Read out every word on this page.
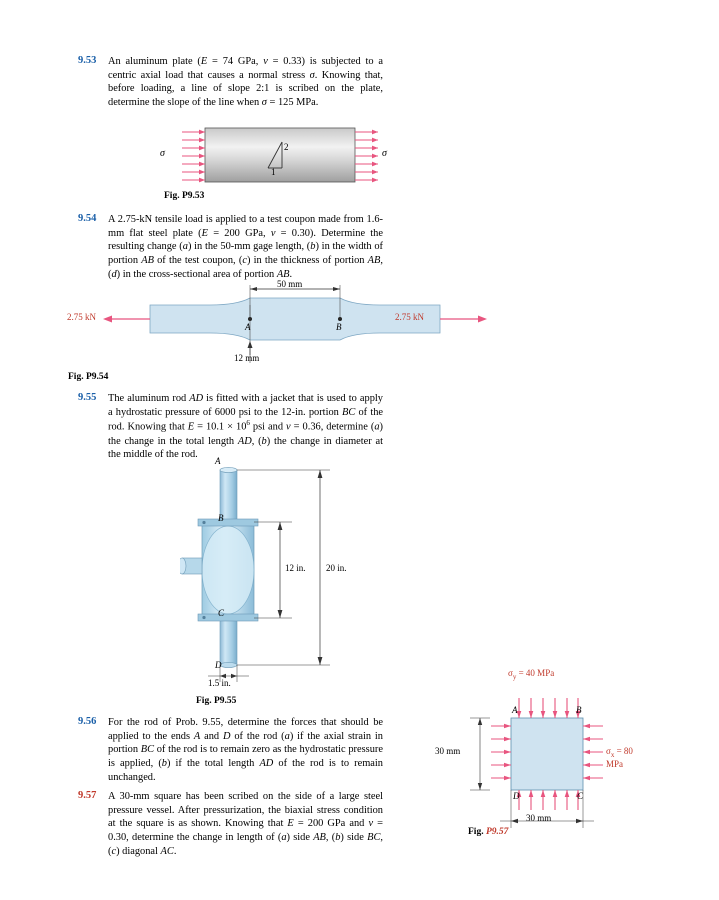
9.53	An aluminum plate (E = 74 GPa, ν = 0.33) is subjected to a centric axial load that causes a normal stress σ. Knowing that, before loading, a line of slope 2:1 is scribed on the plate, determine the slope of the line when σ = 125 MPa.
σ	σ
2
1
Fig. P9.53
9.54	A 2.75-kN tensile load is applied to a test coupon made from 1.6-mm flat steel plate (E = 200 GPa, ν = 0.30). Determine the resulting change (a) in the 50-mm gage length, (b) in the width of portion AB of the test coupon, (c) in the thickness of portion AB, (d) in the cross-sectional area of portion AB.
50 mm
12 mm
A	B
2.75 kN	2.75 kN
Fig. P9.54
9.55	The aluminum rod AD is fitted with a jacket that is used to apply a hydrostatic pressure of 6000 psi to the 12-in. portion BC of the rod. Knowing that $E = 10.1 \times 10^6$ psi and ν = 0.36, determine (a) the change in the total length AD, (b) the change in diameter at the middle of the rod.
A
B
C
D
12 in. 20 in.
1.5 in.
Fig. P9.55
9.56	For the rod of Prob. 9.55, determine the forces that should be applied to the ends A and D of the rod (a) if the axial strain in portion BC of the rod is to remain zero as the hydrostatic pressure is applied, (b) if the total length AD of the rod is to remain unchanged.
9.57	A 30-mm square has been scribed on the side of a large steel pressure vessel. After pressurization, the biaxial stress condition at the square is as shown. Knowing that E = 200 GPa and ν = 0.30, determine the change in length of (a) side AB, (b) side BC, (c) diagonal AC.
$\sigma_y = 40$ MPa
$\sigma_x = 80$ MPa
30 mm
30 mm
A	B
C
D
Fig. P9.57
